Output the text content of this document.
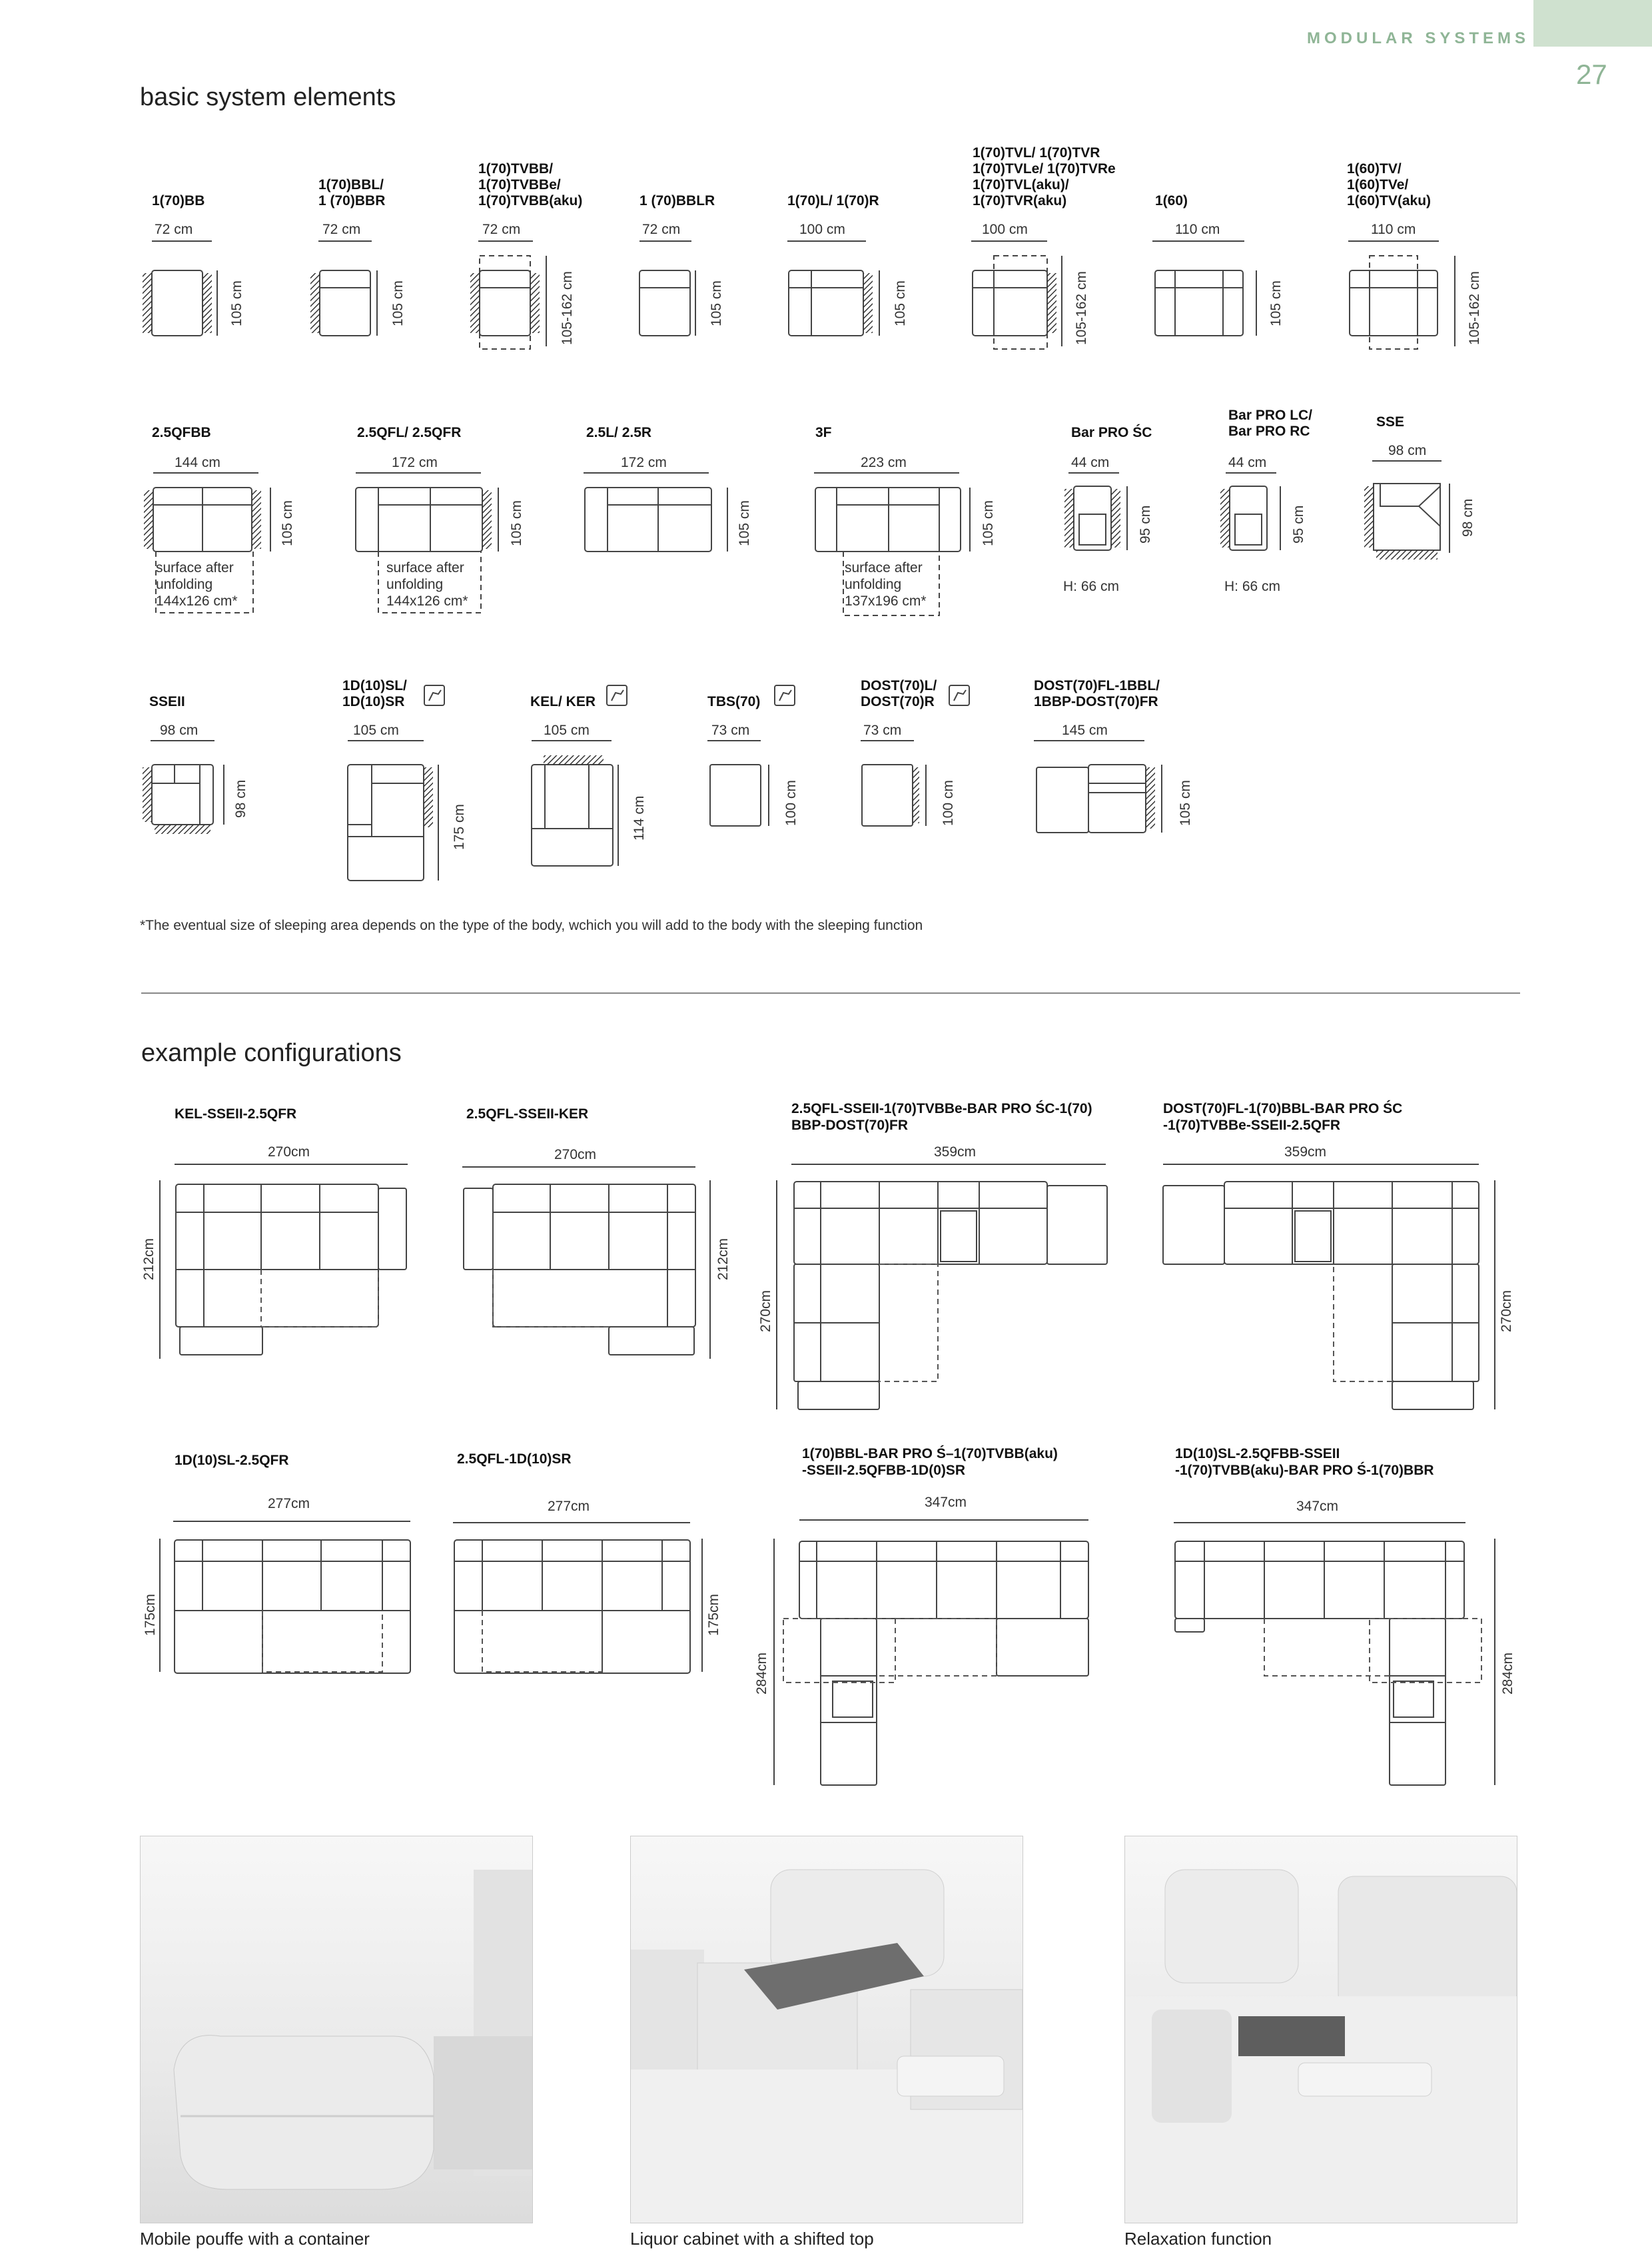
MODULAR SYSTEMS
27
basic system elements
1(70)BB
1(70)BBL/
1 (70)BBR
1(70)TVBB/
1(70)TVBBe/
1(70)TVBB(aku)	1 (70)BBLR	1(70)L/ 1(70)R
1(70)TVL/ 1(70)TVR
1(70)TVLe/ 1(70)TVRe
1(70)TVL(aku)/
1(70)TVR(aku)	1(60)
1(60)TV/
1(60)TVe/
1(60)TV(aku)
72 cm	72 cm	72 cm	72 cm	100 cm	100 cm	110 cm	110 cm
105 cm	105 cm	105-162 cm	105 cm	105 cm	105-162 cm	105 cm	105-162 cm
2.5QFBB	2.5QFL/ 2.5QFR	2.5L/ 2.5R	3F	Bar PRO ŚC
Bar PRO LC/
Bar PRO RC
SSE
144 cm	172 cm	172 cm	223 cm	44 cm	44 cm
98 cm
105 cm	105 cm	105 cm	105 cm	95 cm	95 cm	98 cm
surface after
unfolding
144x126 cm*
surface after
unfolding
144x126 cm*
surface after
unfolding
137x196 cm*
H: 66 cm	H: 66 cm
SSEII
1D(10)SL/
1D(10)SR	KEL/ KER	TBS(70)
DOST(70)L/
DOST(70)R
DOST(70)FL-1BBL/
1BBP-DOST(70)FR
98 cm	105 cm	105 cm	73 cm	73 cm	145 cm
98 cm
175 cm	114 cm	100 cm	100 cm	105 cm
*The eventual size of sleeping area depends on the type of the body, wchich you will add to the body with the sleeping function
example configurations
KEL-SSEII-2.5QFR	2.5QFL-SSEII-KER	2.5QFL-SSEII-1(70)TVBBe-BAR PRO ŚC-1(70)
BBP-DOST(70)FR
DOST(70)FL-1(70)BBL-BAR PRO ŚC
-1(70)TVBBe-SSEII-2.5QFR
270cm	270cm	359cm	359cm
212cm	212cm
270cm	270cm
1D(10)SL-2.5QFR	2.5QFL-1D(10)SR	1(70)BBL-BAR PRO Ś–1(70)TVBB(aku)
-SSEII-2.5QFBB-1D(0)SR
1D(10)SL-2.5QFBB-SSEII
-1(70)TVBB(aku)-BAR PRO Ś-1(70)BBR
277cm	277cm	347cm	347cm
175cm	175cm
284cm	284cm
Mobile pouffe with a container	Liquor cabinet with a shifted top	Relaxation function
